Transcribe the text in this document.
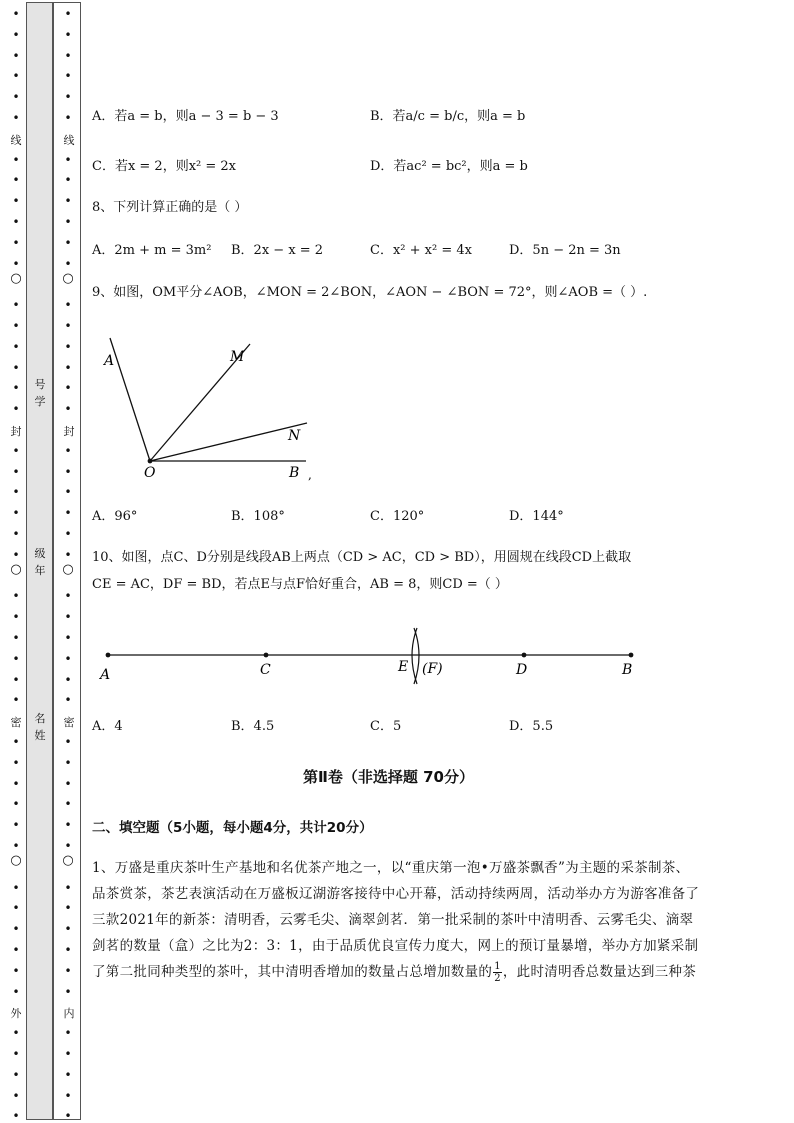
•
•
•
•
•
•
•
•
•
•
•
•
•
•
•
•
•
•
•
•
•
•
•
•
•
•
•
•
•
•
•
•
•
•
•
•
•
•
•
•
•
•
•
•
•
•
•
○
○
○
•
•
•
•
•
•
•
•
•
•
•
•
•
•
•
•
•
•
•
•
•
•
•
•
•
•
•
•
•
•
•
•
•
•
•
•
•
•
•
•
•
•
•
•
•
•
•
○
○
○
线
封
密
外
线
封
密
内
号
学
级
年
名
姓
A．若a = b，则a − 3 = b − 3	B．若a/c = b/c，则a = b
C．若x = 2，则x² = 2x	D．若ac² = bc²，则a = b
8、下列计算正确的是（ ）
A．2m + m = 3m² B．2x − x = 2	C．x² + x² = 4x	D．5n − 2n = 3n
9、如图，OM平分∠AOB，∠MON = 2∠BON，∠AON − ∠BON = 72°，则∠AOB =（ ）.
A	M
N
O	B ,
A	C	E (F)	D	B
A．96°	B．108°	C．120°	D．144°
10、如图，点C、D分别是线段AB上两点（CD > AC，CD > BD），用圆规在线段CD上截取
CE = AC，DF = BD，若点E与点F恰好重合，AB = 8，则CD =（ ）
A．4	B．4.5	C．5	D．5.5
第Ⅱ卷（非选择题 70分）
二、填空题（5小题，每小题4分，共计20分）
1、万盛是重庆茶叶生产基地和名优茶产地之一，以“重庆第一泡•万盛茶飘香”为主题的采茶制茶、
品茶赏茶，茶艺表演活动在万盛板辽湖游客接待中心开幕，活动持续两周，活动举办方为游客准备了
三款2021年的新茶：清明香，云雾毛尖、滴翠剑茗．第一批采制的茶叶中清明香、云雾毛尖、滴翠
剑茗的数量（盒）之比为2：3：1，由于品质优良宣传力度大，网上的预订量暴增，举办方加紧采制
了第二批同种类型的茶叶，其中清明香增加的数量占总增加数量的 $\frac{1}{2}$ ，此时清明香总数量达到三种茶
